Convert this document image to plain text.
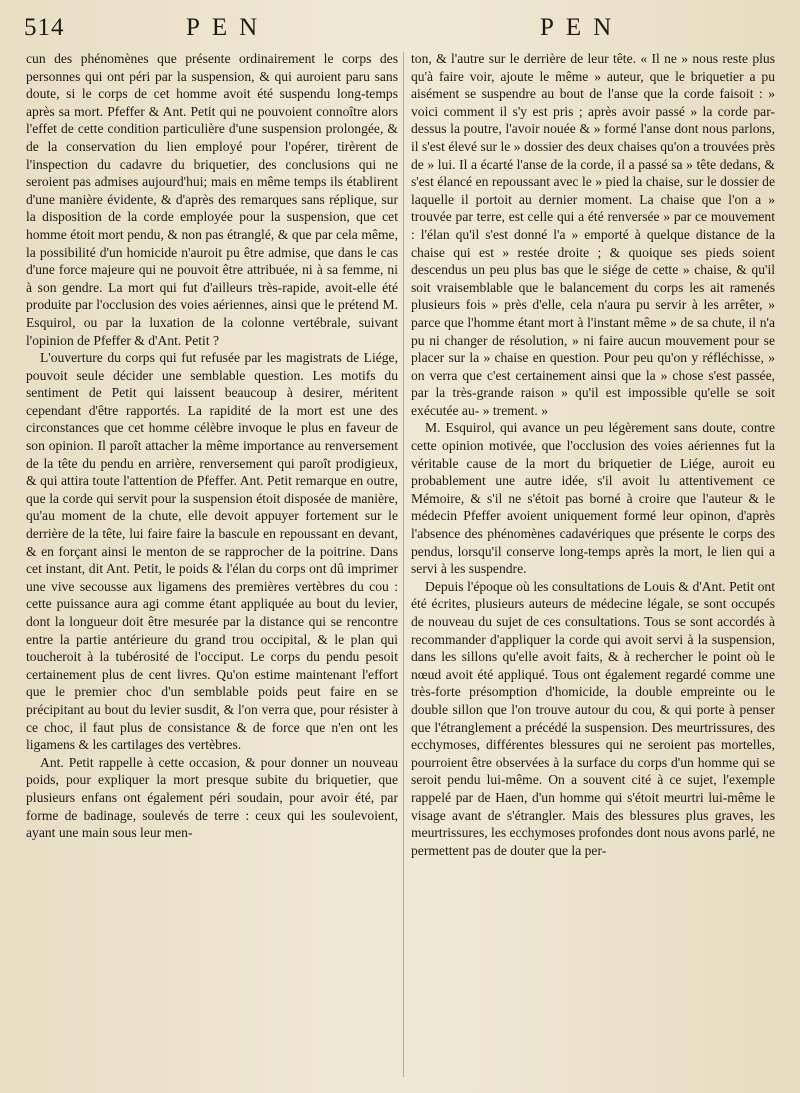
514	PEN	PEN

cun des phénomènes que présente ordinairement le corps des personnes qui ont péri par la suspension, & qui auroient paru sans doute, si le corps de cet homme avoit été suspendu long-temps après sa mort. Pfeffer & Ant. Petit qui ne pouvoient connoître alors l'effet de cette condition particulière d'une suspension prolongée, & de la conservation du lien employé pour l'opérer, tirèrent de l'inspection du cadavre du briquetier, des conclusions qui ne seroient pas admises aujourd'hui; mais en même temps ils établirent d'une manière évidente, & d'après des remarques sans réplique, sur la disposition de la corde employée pour la suspension, que cet homme étoit mort pendu, & non pas étranglé, & que par cela même, la possibilité d'un homicide n'auroit pu être admise, que dans le cas d'une force majeure qui ne pouvoit être attribuée, ni à sa femme, ni à son gendre. La mort qui fut d'ailleurs très-rapide, avoit-elle été produite par l'occlusion des voies aériennes, ainsi que le prétend M. Esquirol, ou par la luxation de la colonne vertébrale, suivant l'opinion de Pfeffer & d'Ant. Petit ?

L'ouverture du corps qui fut refusée par les magistrats de Liége, pouvoit seule décider une semblable question. Les motifs du sentiment de Petit qui laissent beaucoup à desirer, méritent cependant d'être rapportés. La rapidité de la mort est une des circonstances que cet homme célèbre invoque le plus en faveur de son opinion. Il paroît attacher la même importance au renversement de la tête du pendu en arrière, renversement qui paroît prodigieux, & qui attira toute l'attention de Pfeffer. Ant. Petit remarque en outre, que la corde qui servit pour la suspension étoit disposée de manière, qu'au moment de la chute, elle devoit appuyer fortement sur le derrière de la tête, lui faire faire la bascule en repoussant en devant, & en forçant ainsi le menton de se rapprocher de la poitrine. Dans cet instant, dit Ant. Petit, le poids & l'élan du corps ont dû imprimer une vive secousse aux ligamens des premières vertèbres du cou : cette puissance aura agi comme étant appliquée au bout du levier, dont la longueur doit être mesurée par la distance qui se rencontre entre la partie antérieure du grand trou occipital, & le plan qui toucheroit à la tubérosité de l'occiput. Le corps du pendu pesoit certainement plus de cent livres. Qu'on estime maintenant l'effort que le premier choc d'un semblable poids peut faire en se précipitant au bout du levier susdit, & l'on verra que, pour résister à ce choc, il faut plus de consistance & de force que n'en ont les ligamens & les cartilages des vertèbres.

Ant. Petit rappelle à cette occasion, & pour donner un nouveau poids, pour expliquer la mort presque subite du briquetier, que plusieurs enfans ont également péri soudain, pour avoir été, par forme de badinage, soulevés de terre : ceux qui les soulevoient, ayant une main sous leur men-

ton, & l'autre sur le derrière de leur tête. « Il ne » nous reste plus qu'à faire voir, ajoute le même » auteur, que le briquetier a pu aisément se suspendre au bout de l'anse que la corde faisoit : » voici comment il s'y est pris ; après avoir passé » la corde par-dessus la poutre, l'avoir nouée & » formé l'anse dont nous parlons, il s'est élevé sur le » dossier des deux chaises qu'on a trouvées près de » lui. Il a écarté l'anse de la corde, il a passé sa » tête dedans, & s'est élancé en repoussant avec le » pied la chaise, sur le dossier de laquelle il portoit au dernier moment. La chaise que l'on a » trouvée par terre, est celle qui a été renversée » par ce mouvement : l'élan qu'il s'est donné l'a » emporté à quelque distance de la chaise qui est » restée droite ; & quoique ses pieds soient descendus un peu plus bas que le siége de cette » chaise, & qu'il soit vraisemblable que le balancement du corps les ait ramenés plusieurs fois » près d'elle, cela n'aura pu servir à les arrêter, » parce que l'homme étant mort à l'instant même » de sa chute, il n'a pu ni changer de résolution, » ni faire aucun mouvement pour se placer sur la » chaise en question. Pour peu qu'on y réfléchisse, » on verra que c'est certainement ainsi que la » chose s'est passée, par la très-grande raison » qu'il est impossible qu'elle se soit exécutée au- » trement. »

M. Esquirol, qui avance un peu légèrement sans doute, contre cette opinion motivée, que l'occlusion des voies aériennes fut la véritable cause de la mort du briquetier de Liége, auroit eu probablement une autre idée, s'il avoit lu attentivement ce Mémoire, & s'il ne s'étoit pas borné à croire que l'auteur & le médecin Pfeffer avoient uniquement formé leur opinon, d'après l'absence des phénomènes cadavériques que présente le corps des pendus, lorsqu'il conserve long-temps après la mort, le lien qui a servi à les suspendre.

Depuis l'époque où les consultations de Louis & d'Ant. Petit ont été écrites, plusieurs auteurs de médecine légale, se sont occupés de nouveau du sujet de ces consultations. Tous se sont accordés à recommander d'appliquer la corde qui avoit servi à la suspension, dans les sillons qu'elle avoit faits, & à rechercher le point où le nœud avoit été appliqué. Tous ont également regardé comme une très-forte présomption d'homicide, la double empreinte ou le double sillon que l'on trouve autour du cou, & qui porte à penser que l'étranglement a précédé la suspension. Des meurtrissures, des ecchymoses, différentes blessures qui ne seroient pas mortelles, pourroient être observées à la surface du corps d'un homme qui se seroit pendu lui-même. On a souvent cité à ce sujet, l'exemple rappelé par de Haen, d'un homme qui s'étoit meurtri lui-même le visage avant de s'étrangler. Mais des blessures plus graves, les meurtrissures, les ecchymoses profondes dont nous avons parlé, ne permettent pas de douter que la per-
